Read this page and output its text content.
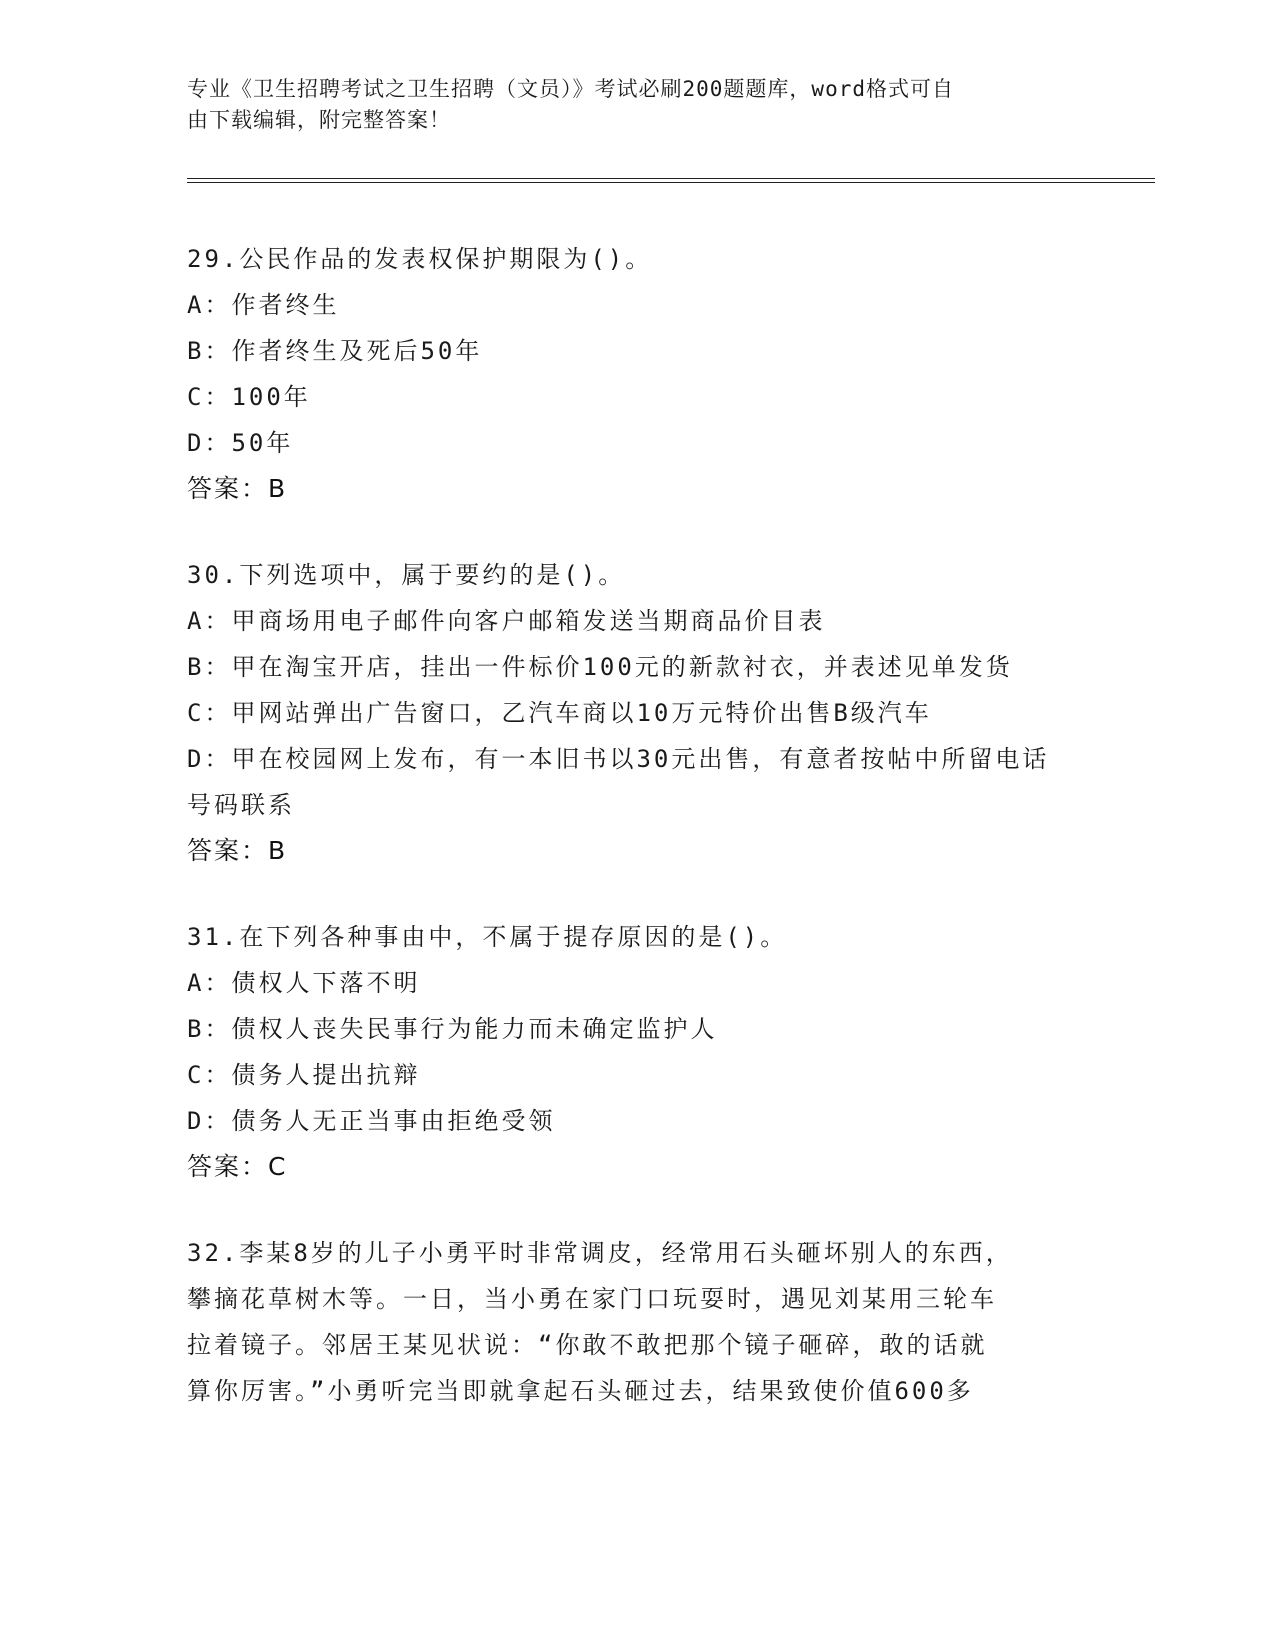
专业《卫生招聘考试之卫生招聘（文员）》考试必刷200题题库，word格式可自
由下载编辑，附完整答案！
29.公民作品的发表权保护期限为()。
A：作者终生
B：作者终生及死后50年
C：100年
D：50年
答案：B
30.下列选项中，属于要约的是()。
A：甲商场用电子邮件向客户邮箱发送当期商品价目表
B：甲在淘宝开店，挂出一件标价100元的新款衬衣，并表述见单发货
C：甲网站弹出广告窗口，乙汽车商以10万元特价出售B级汽车
D：甲在校园网上发布，有一本旧书以30元出售，有意者按帖中所留电话号码联系
答案：B
31.在下列各种事由中，不属于提存原因的是()。
A：债权人下落不明
B：债权人丧失民事行为能力而未确定监护人
C：债务人提出抗辩
D：债务人无正当事由拒绝受领
答案：C
32.李某8岁的儿子小勇平时非常调皮，经常用石头砸坏别人的东西，
攀摘花草树木等。一日，当小勇在家门口玩耍时，遇见刘某用三轮车
拉着镜子。邻居王某见状说：“你敢不敢把那个镜子砸碎，敢的话就
算你厉害。”小勇听完当即就拿起石头砸过去，结果致使价值600多
